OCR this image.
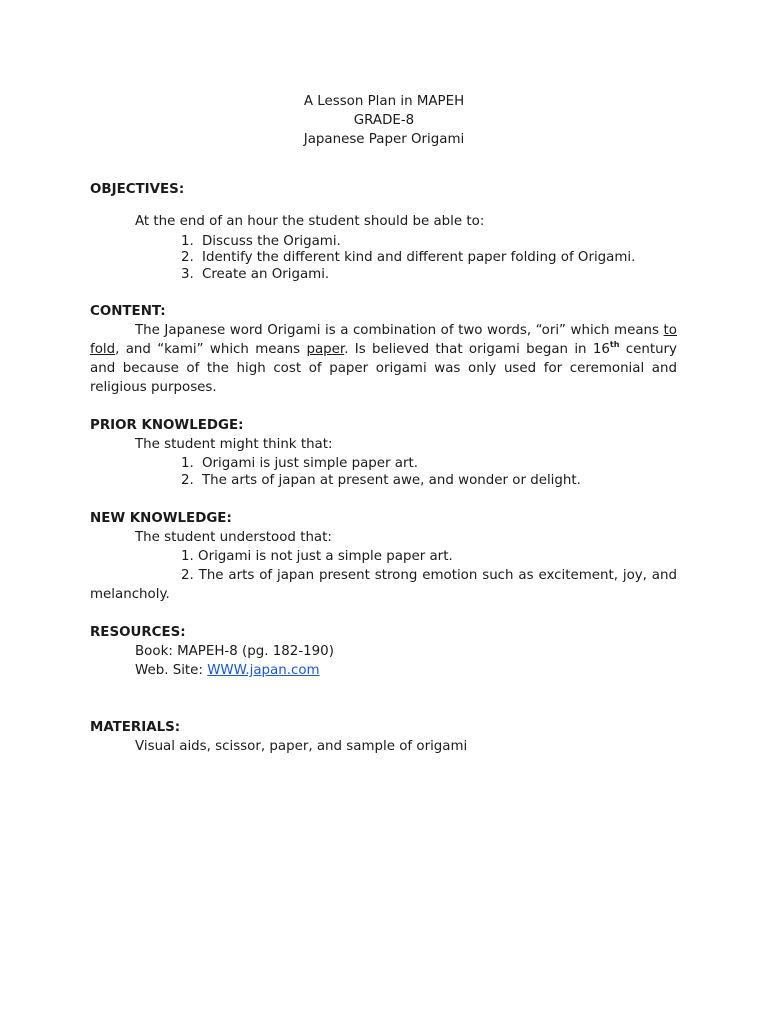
A Lesson Plan in MAPEH
GRADE-8
Japanese Paper Origami
OBJECTIVES:
At the end of an hour the student should be able to:
1. Discuss the Origami.
2. Identify the different kind and different paper folding of Origami.
3. Create an Origami.
CONTENT:
The Japanese word Origami is a combination of two words, “ori” which means to fold, and “kami” which means paper. Is believed that origami began in 16th century and because of the high cost of paper origami was only used for ceremonial and religious purposes.
PRIOR KNOWLEDGE:
The student might think that:
1. Origami is just simple paper art.
2. The arts of japan at present awe, and wonder or delight.
NEW KNOWLEDGE:
The student understood that:
1. Origami is not just a simple paper art.
2. The arts of japan present strong emotion such as excitement, joy, and melancholy.
RESOURCES:
Book: MAPEH-8 (pg. 182-190)
Web. Site: WWW.japan.com
MATERIALS:
Visual aids, scissor, paper, and sample of origami
